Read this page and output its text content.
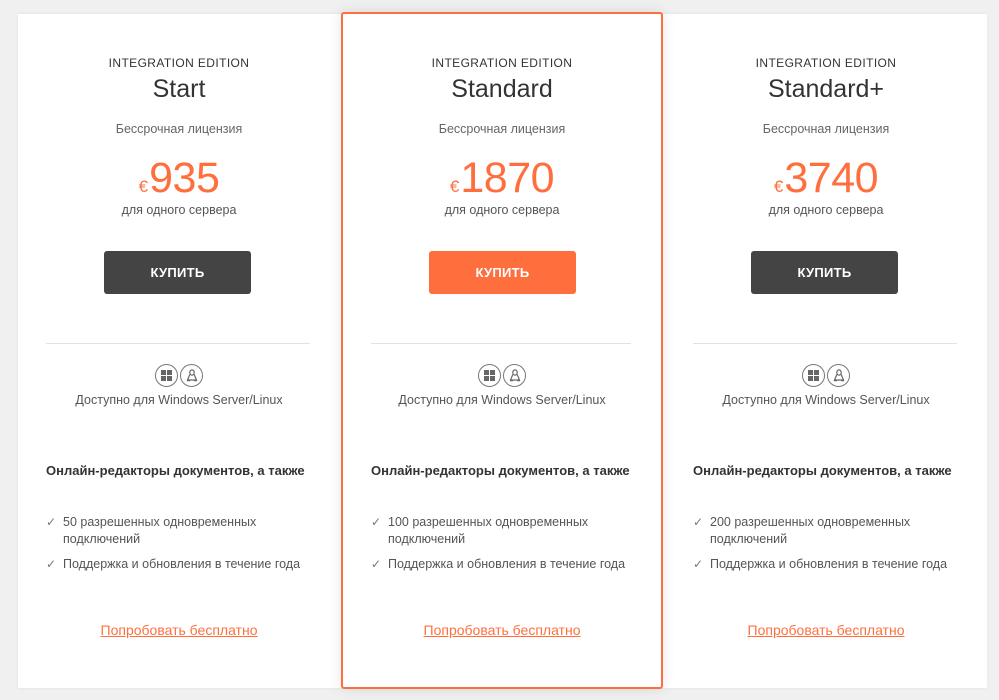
INTEGRATION EDITION
Start
Бессрочная лицензия
€935
для одного сервера
КУПИТЬ
Доступно для Windows Server/Linux
Онлайн-редакторы документов, а также
✓ 50 разрешенных одновременных подключений
✓ Поддержка и обновления в течение года
Попробовать бесплатно
INTEGRATION EDITION
Standard
Бессрочная лицензия
€1870
для одного сервера
КУПИТЬ
Доступно для Windows Server/Linux
Онлайн-редакторы документов, а также
✓ 100 разрешенных одновременных подключений
✓ Поддержка и обновления в течение года
Попробовать бесплатно
INTEGRATION EDITION
Standard+
Бессрочная лицензия
€3740
для одного сервера
КУПИТЬ
Доступно для Windows Server/Linux
Онлайн-редакторы документов, а также
✓ 200 разрешенных одновременных подключений
✓ Поддержка и обновления в течение года
Попробовать бесплатно
